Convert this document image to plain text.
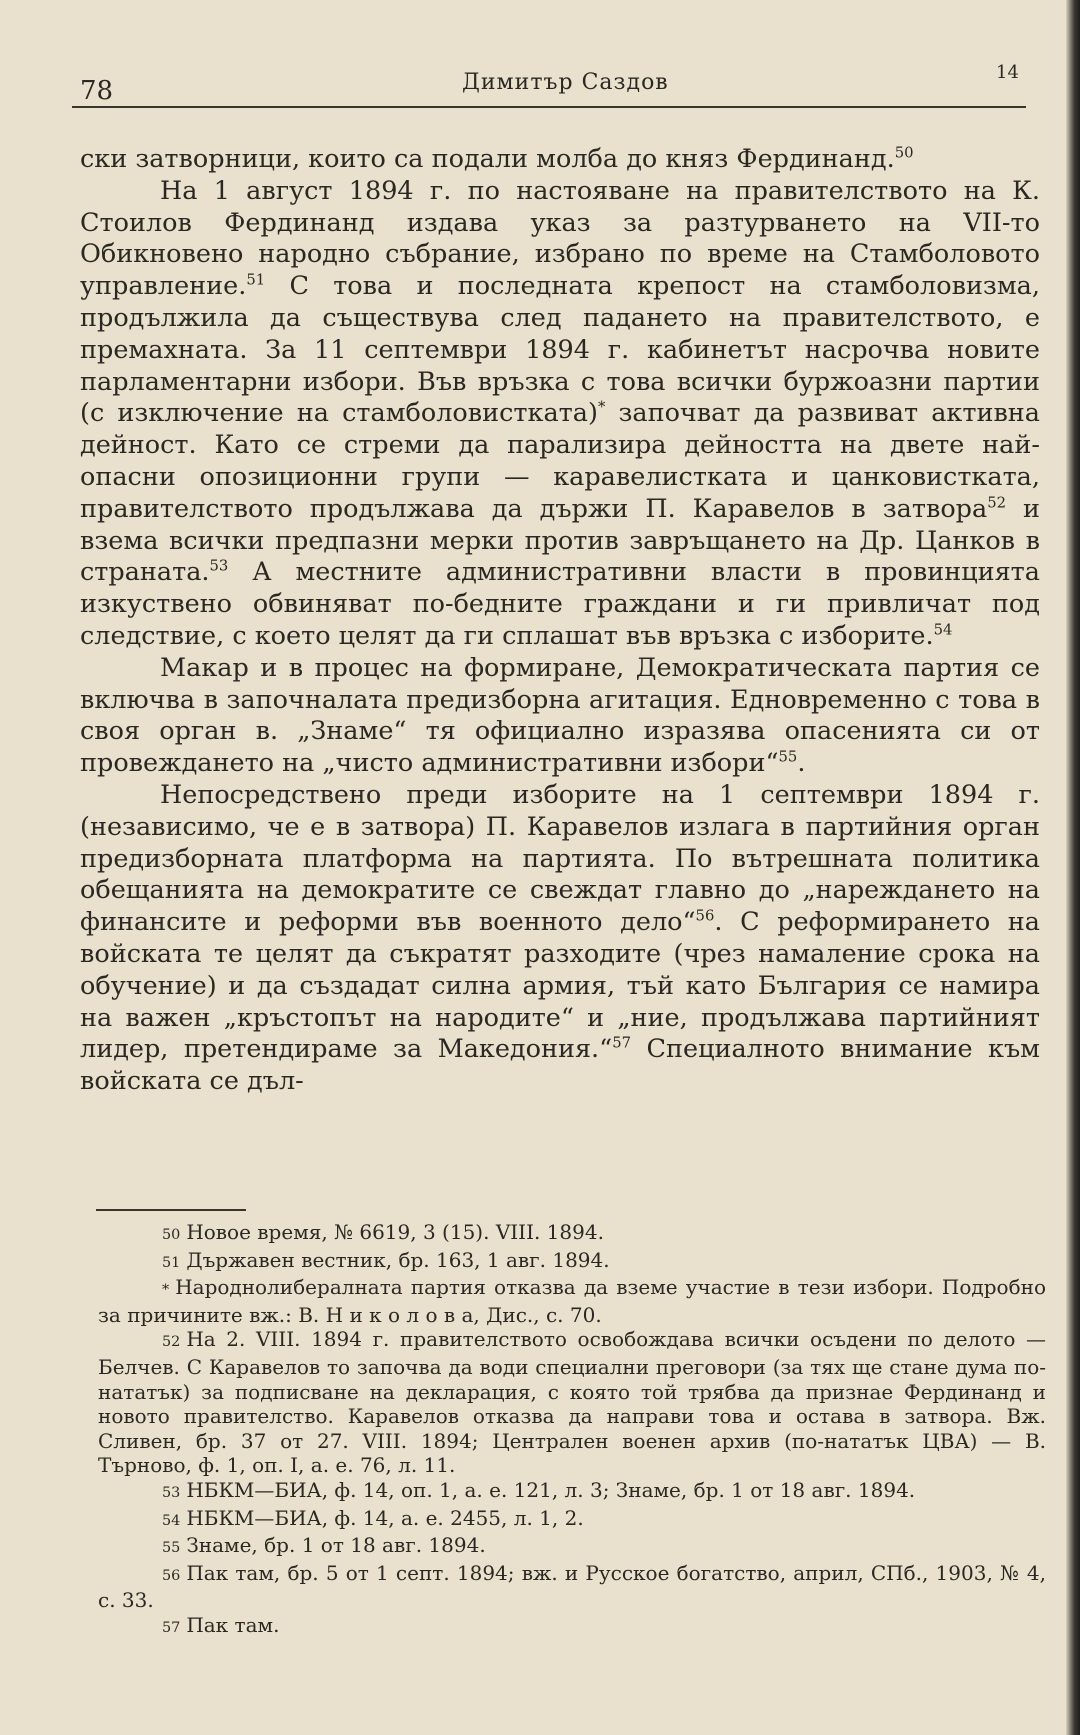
78	Димитър Саздов	14

ски затворници, които са подали молба до княз Фердинанд.$^{50}$

На 1 август 1894 г. по настояване на правителството на К. Стоилов Фердинанд издава указ за разтурването на VII-то Обикновено народно събрание, избрано по време на Стамболовото управление.$^{51}$ С това и последната крепост на стамболовизма, продължила да съществува след падането на правителството, е премахната. За 11 септември 1894 г. кабинетът насрочва новите парламентарни избори. Във връзка с това всички буржоазни партии (с изключение на стамболовистката)* започват да развиват активна дейност. Като се стреми да парализира дейността на двете най-опасни опозиционни групи — каравелистката и цанковистката, правителството продължава да държи П. Каравелов в затвора$^{52}$ и взема всички предпазни мерки против завръщането на Др. Цанков в страната.$^{53}$ А местните административни власти в провинцията изкуствено обвиняват по-бедните граждани и ги привличат под следствие, с което целят да ги сплашат във връзка с изборите.$^{54}$

Макар и в процес на формиране, Демократическата партия се включва в започналата предизборна агитация. Едновременно с това в своя орган в. „Знаме“ тя официално изразява опасенията си от провеждането на „чисто административни избори“$^{55}$.

Непосредствено преди изборите на 1 септември 1894 г. (независимо, че е в затвора) П. Каравелов излага в партийния орган предизборната платформа на партията. По вътрешната политика обещанията на демократите се свеждат главно до „нареждането на финансите и реформи във военното дело“$^{56}$. С реформирането на войската те целят да съкратят разходите (чрез намаление срока на обучение) и да създадат силна армия, тъй като България се намира на важен „кръстопът на народите“ и „ние, продължава партийният лидер, претендираме за Македония.“$^{57}$ Специалното внимание към войската се дъл-

50 Новое время, № 6619, 3 (15). VIII. 1894.

51 Държавен вестник, бр. 163, 1 авг. 1894.

* Народнолибералната партия отказва да вземе участие в тези избори. Подробно за причините вж.: В. Н и к о л о в а, Дис., с. 70.

52 На 2. VIII. 1894 г. правителството освобождава всички осъдени по делото — Белчев. С Каравелов то започва да води специални преговори (за тях ще стане дума по-нататък) за подписване на декларация, с която той трябва да признае Фердинанд и новото правителство. Каравелов отказва да направи това и остава в затвора. Вж. Сливен, бр. 37 от 27. VIII. 1894; Централен военен архив (по-нататък ЦВА) — В. Търново, ф. 1, оп. I, а. е. 76, л. 11.

53 НБКМ—БИА, ф. 14, оп. 1, а. е. 121, л. 3; Знаме, бр. 1 от 18 авг. 1894.

54 НБКМ—БИА, ф. 14, а. е. 2455, л. 1, 2.

55 Знаме, бр. 1 от 18 авг. 1894.

56 Пак там, бр. 5 от 1 септ. 1894; вж. и Русское богатство, април, СПб., 1903, № 4, с. 33.

57 Пак там.
